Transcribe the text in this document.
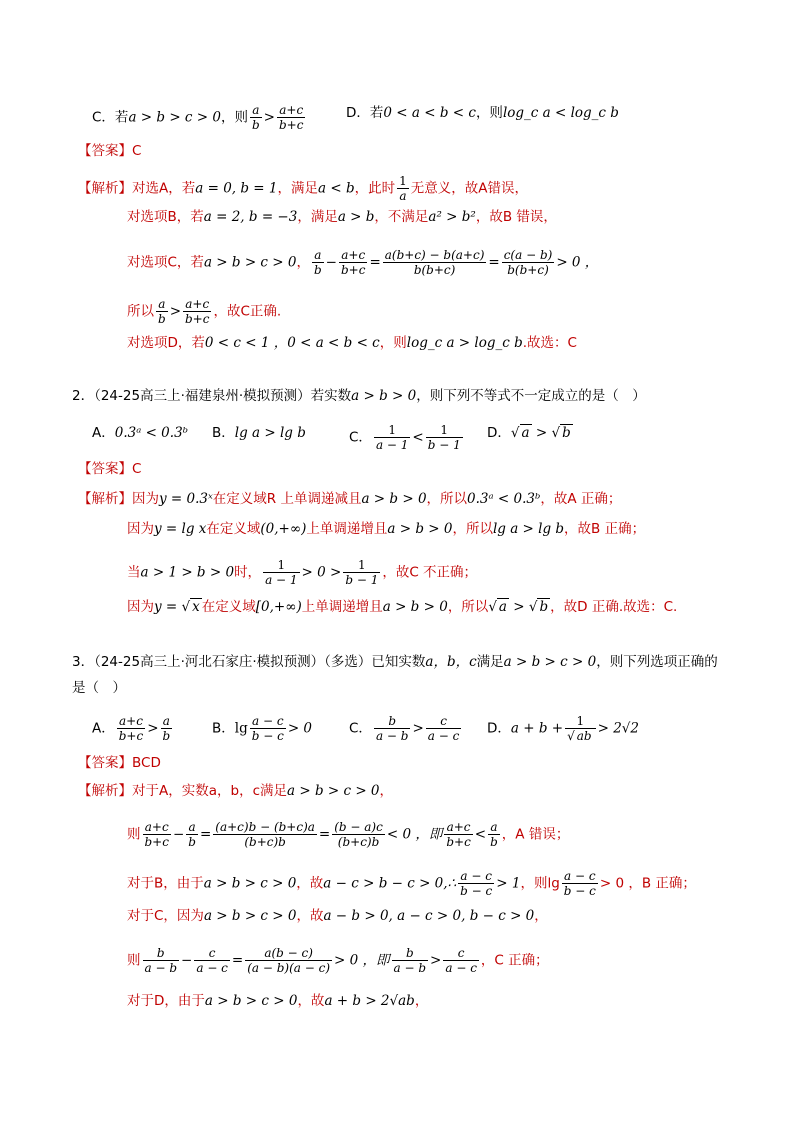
C．若a > b > c > 0，则 $\frac{a}{b} > \frac{a+c}{b+c}$	D．若0 < a < b < c，则log_c a < log_c b
【答案】C
【解析】对选A，若a = 0, b = 1，满足a < b，此时 $\frac{1}{a}$ 无意义，故A错误，
对选项B，若a = 2, b = −3，满足a > b，不满足a² > b²，故B 错误，
对选项C，若a > b > c > 0， $\frac{a}{b} - \frac{a+c}{b+c} = \frac{a(b+c) - b(a+c)}{b(b+c)} = \frac{c(a - b)}{b(b+c)} > 0$ ，
所以 $\frac{a}{b} > \frac{a+c}{b+c}$ ，故C正确.
对选项D，若0 < c < 1 ，0 < a < b < c，则log_c a > log_c b.故选：C
2．（24-25高三上·福建泉州·模拟预测）若实数a > b > 0，则下列不等式不一定成立的是（　）
A．0.3ᵃ < 0.3ᵇ B．lg a > lg b	C． $\frac{1}{a - 1} < \frac{1}{b - 1}$ D．√ a > √ b
【答案】C
【解析】因为y = 0.3ˣ在定义域R 上单调递减且a > b > 0，所以0.3ᵃ < 0.3ᵇ，故A 正确；
因为y = lg x在定义域(0,+∞)上单调递增且a > b > 0，所以lg a > lg b，故B 正确；
当a > 1 > b > 0时， $\frac{1}{a - 1} > 0 > \frac{1}{b - 1}$ ，故C 不正确；
因为y = √ x 在定义域[0,+∞)上单调递增且a > b > 0，所以√ a > √ b ，故D 正确.故选：C.
3．（24-25高三上·河北石家庄·模拟预测）（多选）已知实数a，b，c满足a > b > c > 0，则下列选项正确的
是（　）
A． $\frac{a+c}{b+c} > \frac{a}{b}$	B．$\lg \frac{a - c}{b - c} > 0$	C． $\frac{b}{a - b} > \frac{c}{a - c}$ D．$a + b + \frac{1}{√ ab} > 2√2$
【答案】BCD
【解析】对于A，实数a，b，c满足a > b > c > 0，
则 $\frac{a+c}{b+c} - \frac{a}{b} = \frac{(a+c)b - (b+c)a}{(b+c)b} = \frac{(b - a)c}{(b+c)b} < 0$ ，即 $\frac{a+c}{b+c} < \frac{a}{b}$ ，A 错误；
对于B，由于a > b > c > 0，故a − c > b − c > 0,∴ $\frac{a - c}{b - c} > 1$，则$\lg \frac{a - c}{b - c} > 0$ ，B 正确；
对于C，因为a > b > c > 0，故a − b > 0, a − c > 0, b − c > 0，
则 $\frac{b}{a - b} - \frac{c}{a - c} = \frac{a(b - c)}{(a - b)(a - c)} > 0$ ，即 $\frac{b}{a - b} > \frac{c}{a - c}$ ，C 正确；
对于D，由于a > b > c > 0，故a + b > 2√ab，
